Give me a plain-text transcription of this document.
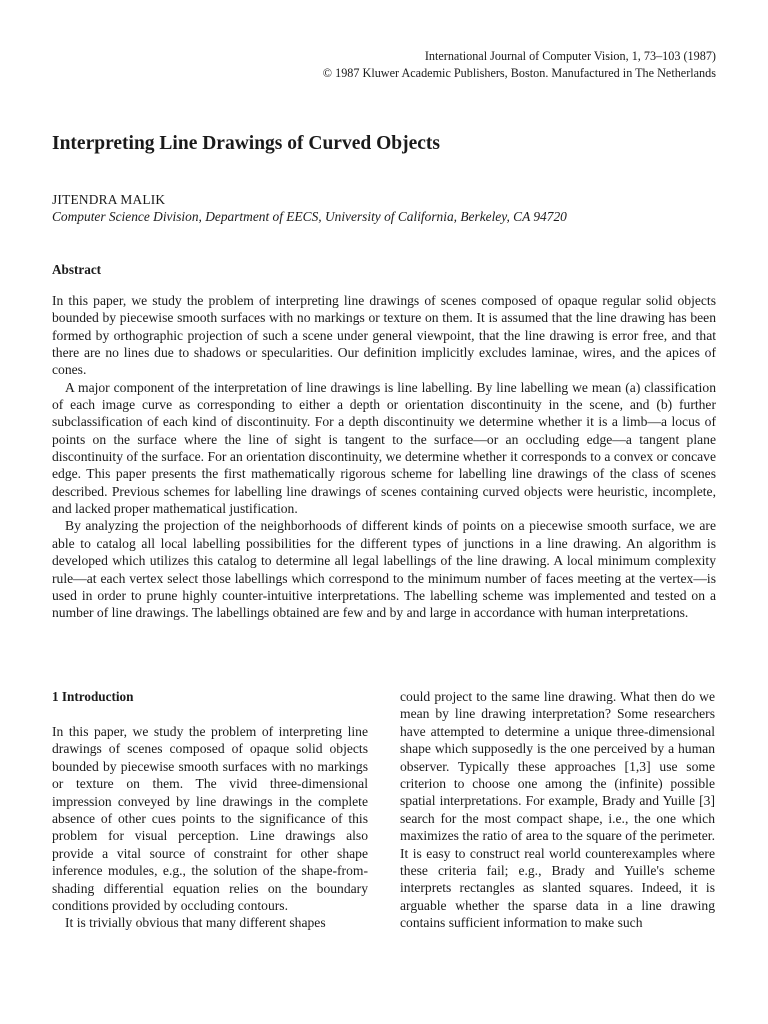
International Journal of Computer Vision, 1, 73–103 (1987)
© 1987 Kluwer Academic Publishers, Boston. Manufactured in The Netherlands
Interpreting Line Drawings of Curved Objects
JITENDRA MALIK
Computer Science Division, Department of EECS, University of California, Berkeley, CA 94720
Abstract

In this paper, we study the problem of interpreting line drawings of scenes composed of opaque regular solid objects bounded by piecewise smooth surfaces with no markings or texture on them. It is assumed that the line drawing has been formed by orthographic projection of such a scene under general viewpoint, that the line drawing is error free, and that there are no lines due to shadows or specularities. Our definition implicitly excludes laminae, wires, and the apices of cones.

A major component of the interpretation of line drawings is line labelling. By line labelling we mean (a) classification of each image curve as corresponding to either a depth or orientation discontinuity in the scene, and (b) further subclassification of each kind of discontinuity. For a depth discontinuity we determine whether it is a limb—a locus of points on the surface where the line of sight is tangent to the surface—or an occluding edge—a tangent plane discontinuity of the surface. For an orientation discontinuity, we determine whether it corresponds to a convex or concave edge. This paper presents the first mathematically rigorous scheme for labelling line drawings of the class of scenes described. Previous schemes for labelling line drawings of scenes containing curved objects were heuristic, incomplete, and lacked proper mathematical justification.

By analyzing the projection of the neighborhoods of different kinds of points on a piecewise smooth surface, we are able to catalog all local labelling possibilities for the different types of junctions in a line drawing. An algorithm is developed which utilizes this catalog to determine all legal labellings of the line drawing. A local minimum complexity rule—at each vertex select those labellings which correspond to the minimum number of faces meeting at the vertex—is used in order to prune highly counter-intuitive interpretations. The labelling scheme was implemented and tested on a number of line drawings. The labellings obtained are few and by and large in accordance with human interpretations.

1 Introduction

In this paper, we study the problem of interpreting line drawings of scenes composed of opaque solid objects bounded by piecewise smooth surfaces with no markings or texture on them. The vivid three-dimensional impression conveyed by line drawings in the complete absence of other cues points to the significance of this problem for visual perception. Line drawings also provide a vital source of constraint for other shape inference modules, e.g., the solution of the shape-from-shading differential equation relies on the boundary conditions provided by occluding contours.

It is trivially obvious that many different shapes

could project to the same line drawing. What then do we mean by line drawing interpretation? Some researchers have attempted to determine a unique three-dimensional shape which supposedly is the one perceived by a human observer. Typically these approaches [1,3] use some criterion to choose one among the (infinite) possible spatial interpretations. For example, Brady and Yuille [3] search for the most compact shape, i.e., the one which maximizes the ratio of area to the square of the perimeter. It is easy to construct real world counterexamples where these criteria fail; e.g., Brady and Yuille's scheme interprets rectangles as slanted squares. Indeed, it is arguable whether the sparse data in a line drawing contains sufficient information to make such
